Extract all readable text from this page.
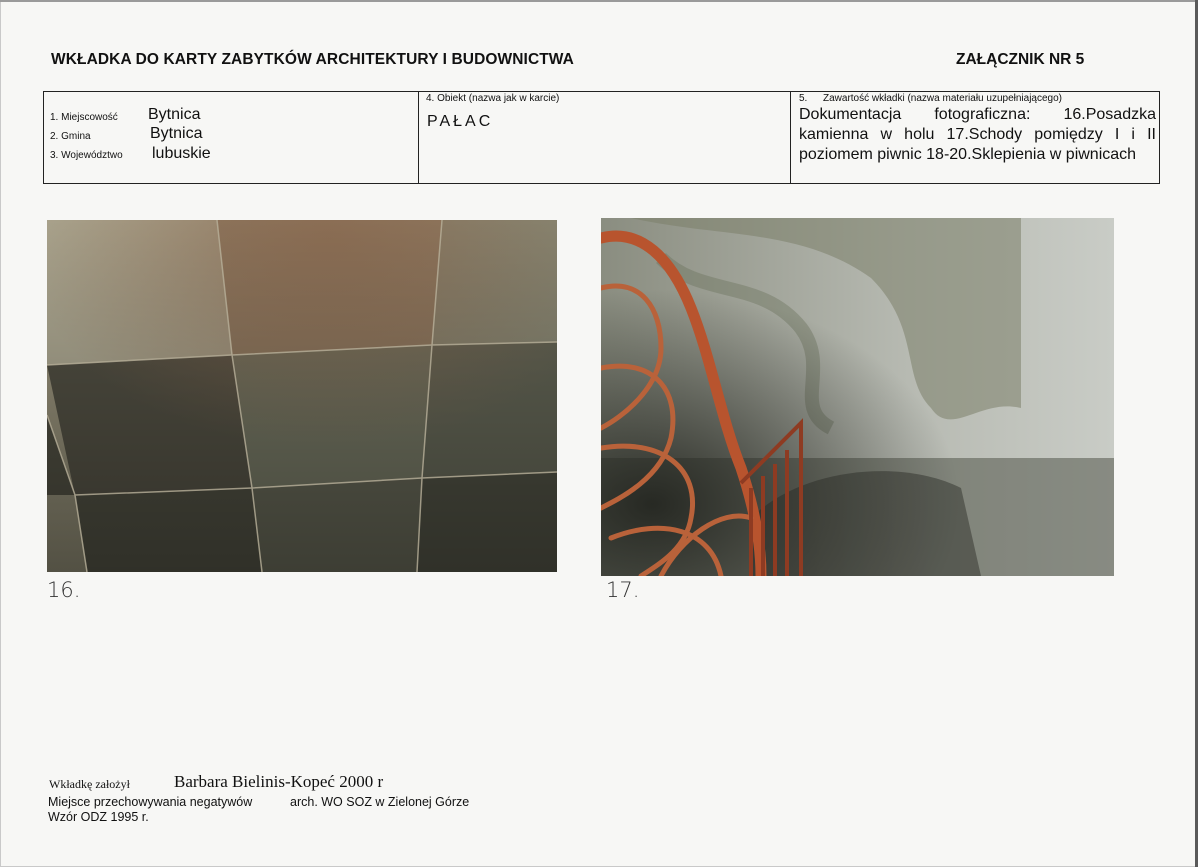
WKŁADKA DO KARTY ZABYTKÓW ARCHITEKTURY I BUDOWNICTWA	ZAŁĄCZNIK NR 5
1. Miejscowość Bytnica
2. Gmina	Bytnica
3. Województwo lubuskie
4. Obiekt (nazwa jak w karcie)
PAŁAC
5. Zawartość wkładki (nazwa materiału uzupełniającego)
Dokumentacja fotograficzna: 16.Posadzka kamienna w holu 17.Schody pomiędzy I i II poziomem piwnic 18-20.Sklepienia w piwnicach
16.	17.
Wkładkę założył	Barbara Bielinis-Kopeć 2000 r
Miejsce przechowywania negatywów	arch. WO SOZ w Zielonej Górze
Wzór ODZ 1995 r.
